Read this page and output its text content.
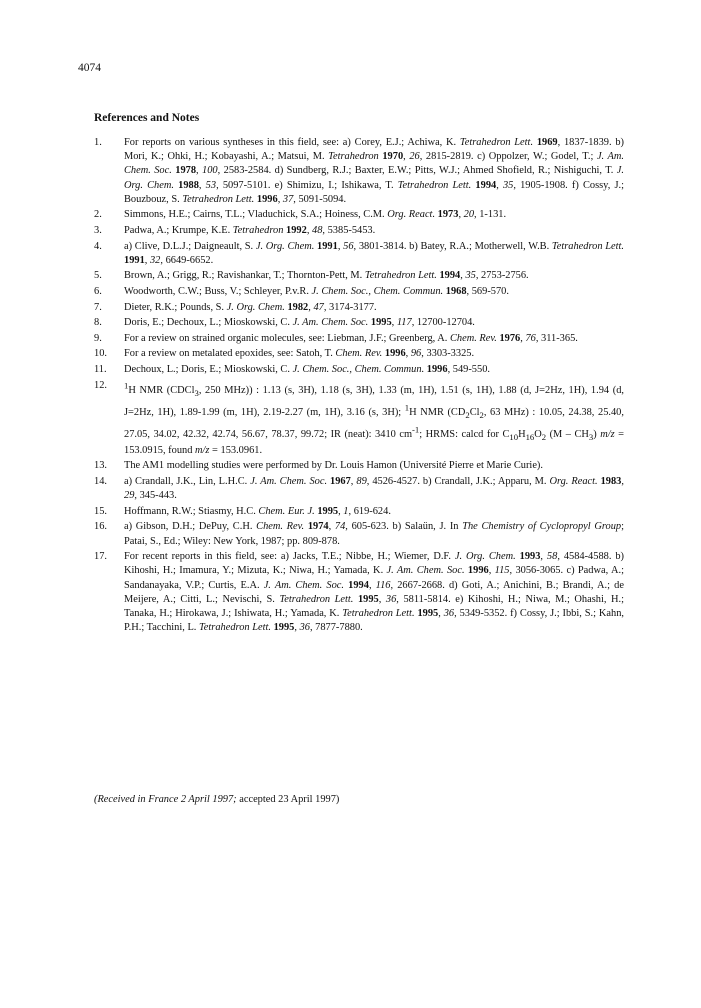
4074
References and Notes
1.	For reports on various syntheses in this field, see: a) Corey, E.J.; Achiwa, K. Tetrahedron Lett. 1969, 1837-1839. b) Mori, K.; Ohki, H.; Kobayashi, A.; Matsui, M. Tetrahedron 1970, 26, 2815-2819. c) Oppolzer, W.; Godel, T.; J. Am. Chem. Soc. 1978, 100, 2583-2584. d) Sundberg, R.J.; Baxter, E.W.; Pitts, W.J.; Ahmed Shofield, R.; Nishiguchi, T. J. Org. Chem. 1988, 53, 5097-5101. e) Shimizu, I.; Ishikawa, T. Tetrahedron Lett. 1994, 35, 1905-1908. f) Cossy, J.; Bouzbouz, S. Tetrahedron Lett. 1996, 37, 5091-5094.
2.	Simmons, H.E.; Cairns, T.L.; Vladuchick, S.A.; Hoiness, C.M. Org. React. 1973, 20, 1-131.
3.	Padwa, A.; Krumpe, K.E. Tetrahedron 1992, 48, 5385-5453.
4.	a) Clive, D.L.J.; Daigneault, S. J. Org. Chem. 1991, 56, 3801-3814. b) Batey, R.A.; Motherwell, W.B. Tetrahedron Lett. 1991, 32, 6649-6652.
5.	Brown, A.; Grigg, R.; Ravishankar, T.; Thornton-Pett, M. Tetrahedron Lett. 1994, 35, 2753-2756.
6.	Woodworth, C.W.; Buss, V.; Schleyer, P.v.R. J. Chem. Soc., Chem. Commun. 1968, 569-570.
7.	Dieter, R.K.; Pounds, S. J. Org. Chem. 1982, 47, 3174-3177.
8.	Doris, E.; Dechoux, L.; Mioskowski, C. J. Am. Chem. Soc. 1995, 117, 12700-12704.
9.	For a review on strained organic molecules, see: Liebman, J.F.; Greenberg, A. Chem. Rev. 1976, 76, 311-365.
10.	For a review on metalated epoxides, see: Satoh, T. Chem. Rev. 1996, 96, 3303-3325.
11.	Dechoux, L.; Doris, E.; Mioskowski, C. J. Chem. Soc., Chem. Commun. 1996, 549-550.
12.	$^1$H NMR (CDCl$_3$, 250 MHz)) : 1.13 (s, 3H), 1.18 (s, 3H), 1.33 (m, 1H), 1.51 (s, 1H), 1.88 (d, J=2Hz, 1H), 1.94 (d, J=2Hz, 1H), 1.89-1.99 (m, 1H), 2.19-2.27 (m, 1H), 3.16 (s, 3H); $^1$H NMR ($CD_2Cl_2$, 63 MHz) : 10.05, 24.38, 25.40, 27.05, 34.02, 42.32, 42.74, 56.67, 78.37, 99.72; IR (neat): 3410 $cm^{-1}$; HRMS: calcd for $C_{10}H_{16}O_2$ $(M - CH_3)$ m/z = 153.0915, found m/z = 153.0961.
13.	The AM1 modelling studies were performed by Dr. Louis Hamon (Université Pierre et Marie Curie).
14.	a) Crandall, J.K., Lin, L.H.C. J. Am. Chem. Soc. 1967, 89, 4526-4527. b) Crandall, J.K.; Apparu, M. Org. React. 1983, 29, 345-443.
15.	Hoffmann, R.W.; Stiasmy, H.C. Chem. Eur. J. 1995, 1, 619-624.
16.	a) Gibson, D.H.; DePuy, C.H. Chem. Rev. 1974, 74, 605-623. b) Salaün, J. In The Chemistry of Cyclopropyl Group; Patai, S., Ed.; Wiley: New York, 1987; pp. 809-878.
17.	For recent reports in this field, see: a) Jacks, T.E.; Nibbe, H.; Wiemer, D.F. J. Org. Chem. 1993, 58, 4584-4588. b) Kihoshi, H.; Imamura, Y.; Mizuta, K.; Niwa, H.; Yamada, K. J. Am. Chem. Soc. 1996, 115, 3056-3065. c) Padwa, A.; Sandanayaka, V.P.; Curtis, E.A. J. Am. Chem. Soc. 1994, 116, 2667-2668. d) Goti, A.; Anichini, B.; Brandi, A.; de Meijere, A.; Citti, L.; Nevischi, S. Tetrahedron Lett. 1995, 36, 5811-5814. e) Kihoshi, H.; Niwa, M.; Ohashi, H.; Tanaka, H.; Hirokawa, J.; Ishiwata, H.; Yamada, K. Tetrahedron Lett. 1995, 36, 5349-5352. f) Cossy, J.; Ibbi, S.; Kahn, P.H.; Tacchini, L. Tetrahedron Lett. 1995, 36, 7877-7880.
(Received in France 2 April 1997; accepted 23 April 1997)
